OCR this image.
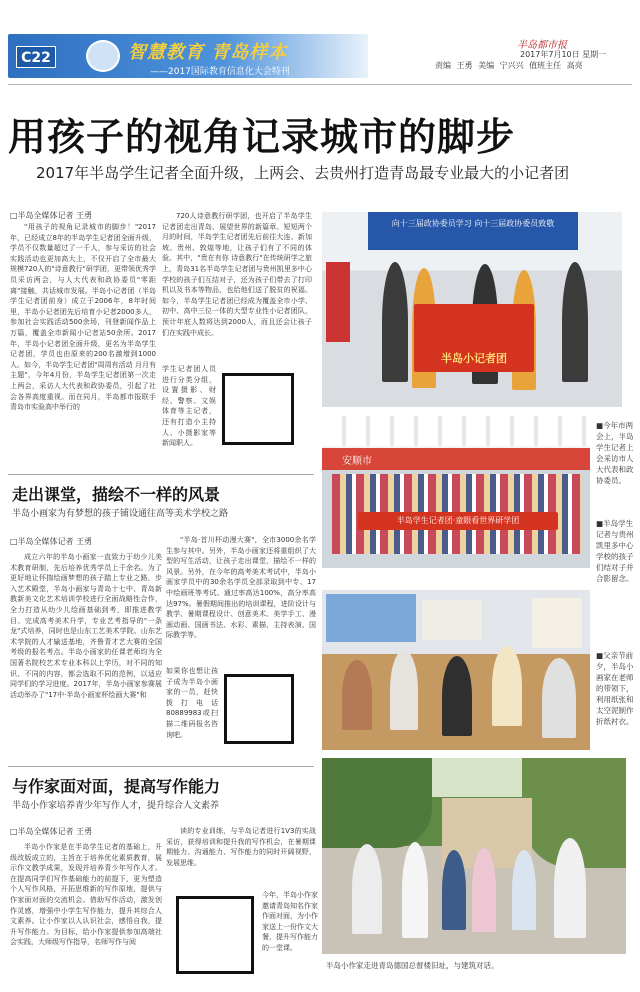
C22	智慧教育 青岛样本
——2017国际教育信息化大会特刊
半岛都市报
2017年7月10日 星期一
责编 王勇 美编 宁兴兴 值班主任 高亮
用孩子的视角记录城市的脚步
2017年半岛学生记者全面升级，上两会、去贵州打造青岛最专业最大的小记者团
□半岛全媒体记者 王勇
"用孩子的视角记录城市的脚步！"2017年，已经成立8年的半岛学生记者团全面升级，学员不仅数量超过了一千人，参与采访的社会实践活动也更加高大上，不仅开启了全市最大规模720人的"诗意教行"研学团，更带领优秀学员采访两会，与人大代表和政协委员"零距离"接触，共话城市发展。半岛小记者团（半岛学生记者团前身）成立于2006年，8年时间里，半岛小记者团先后培育小记者2000多人，参加社会实践活动500余场，刊登新闻作品上万篇，覆盖全市新闻小记者站50余所。2017年，半岛小记者团全面升级，更名为半岛学生记者团，学员也由原来的200名激增到1000人。如今，半岛学生记者团"周周有活动 月月有主题"，今年4月份，半岛学生记者团第一次走上两会，采访人大代表和政协委员，引起了社会各界高度重视。而在同月，半岛都市报联手青岛市实验高中举行的
720人诗意教行研学团，也开启了半岛学生记者团走出青岛、展望世界的新篇章。短短两个月的时间，半岛学生记者团先后前往大连、新加坡、贵州、敦煌等地，让孩子们有了不同的体验。其中，"贵在有你 诗意教行"在传统研学之旅上，青岛31名半岛学生记者团与贵州凯里多中心学校的孩子们互结对子，还为孩子们带去了打印机以及书本等物品，也给他们送了脱贫的祝福。如今，半岛学生记者团已经成为覆盖全市小学、初中、高中三位一体的大型专业性小记者团队，预计年底人数将达到2000人，而且还会让孩子们在实践中成长。
学生记者团人员进行分类分组，设置摄影、财经、警察、文娱体育等主记者，还有打造小主持人、小摄影家等新闻职人。
向十三届政协委员学习 向十三届政协委员致敬
半岛小记者团
■今年市两会上，半岛学生记者上会采访市人大代表和政协委员。
安顺市
半岛学生记者团·童眼看世界研学团	■半岛学生记者与贵州凯里多中心学校的孩子们结对子并合影留念。
走出课堂，描绘不一样的风景
半岛小画家为有梦想的孩子铺设通往高等美术学校之路
□半岛全媒体记者 王勇
成立六年的半岛小画家一直致力于幼少儿美术教育研制，先后培养优秀学员上千余名。为了更好地让怀揣绘画梦想的孩子踏上专业之路，步入艺术殿堂，半岛小画家与青岛十七中、青岛新教新美文化艺术培训学校进行全面战略性合作，全力打造从幼少儿绘画基础到考，即推进教学目、完成高考美术升学，专业艺考指导的"一条龙"式培养，同时也是山东工艺美术学院、山东艺术学院的人才输送基地，齐鲁青才艺大赛的全国考级的报名考点。半岛小画家的任课老师均为全国著名院校艺术专业本科以上学历，对不同的知识、不同的内容，都会选取不同的范例，以适应同学们的学习进度。2017年，半岛小画家参赛展活动举办了"17中·半岛小画家杯绘画大赛"和
"半岛·首川杯动漫大赛"，全市3000余名学生参与其中。另外，半岛小画家还将重组织了大型的写生活动，让孩子走出课堂，描绘不一样的风景。另外，在今年的高考美术考试中，半岛小画家学员中的30余名学员全部录取到中专、17中绘画班等考试。通过率高达100%，高分率高达97%。暑假期间推出的培训课程，进阶设计与教学、暑期课程设计、创意美术、美学手工、漫画动画、国画书法、水彩、素描、主持表演、国际教学等。
如果你也想让孩子成为半岛小画家的一员，赶快拨打电话80889983或扫描二维码报名咨询吧。
■父亲节前夕，半岛小画家在老师的带领下，利用纸张和太空泥制作折纸衬衣。
与作家面对面，提高写作能力
半岛小作家培养青少年写作人才，提升综合人文素养
□半岛全媒体记者 王勇
半岛小作家是在半岛学生记者的基础上，升级改版成立的，主旨在于培养优化素质教育，展示作文教学成果，发现并培养青少年写作人才。在提高同学们写作基础能力的前提下，更为塑造个人写作风格，开拓思维新的写作原地，提供与作家面对面的交流机会。借助写作活动，激发创作灵感，增强中小学生写作能力，提升其综合人文素养。让小作家以人认识社会，感悟自我，提升写作能力。为目标，给小作家提供参加高端社会实践，大师级写作指导，名师写作与阅
读的专业训练，与半岛记者进行1V3的实战采访，获得培训和提升我的写作机会，在暑期课期能力、沟通能力、写作能力的同时开阔视野，发展思维。
今年，半岛小作家邀请青岛知名作家作面对面，为小作家送上一份作文大餐，提升写作能力的一堂课。
半岛小作家走进青岛德国总督楼旧址，与建筑对话。
